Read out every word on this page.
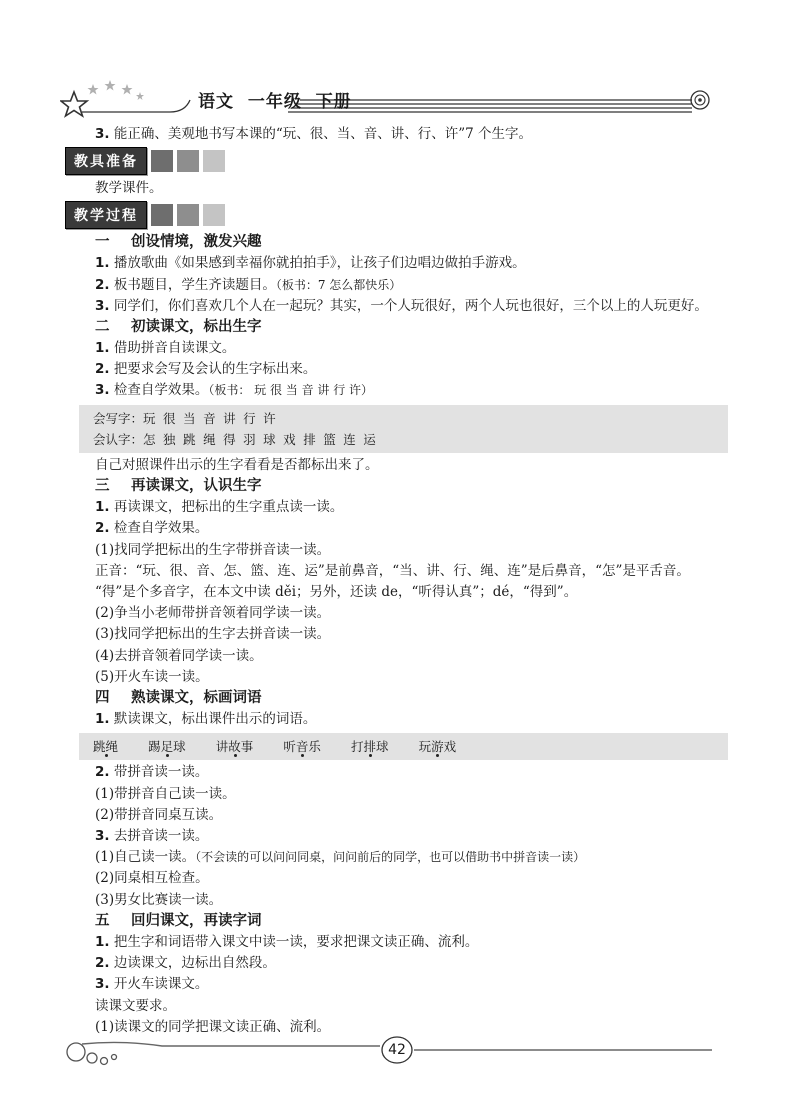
语文  一年级  下册
3. 能正确、美观地书写本课的“玩、很、当、音、讲、行、许”7 个生字。
教具准备
教学课件。
教学过程
一 创设情境，激发兴趣
1. 播放歌曲《如果感到幸福你就拍拍手》，让孩子们边唱边做拍手游戏。
2. 板书题目，学生齐读题目。（板书：7 怎么都快乐）
3. 同学们，你们喜欢几个人在一起玩？其实，一个人玩很好，两个人玩也很好，三个以上的人玩更好。
二 初读课文，标出生字
1. 借助拼音自读课文。
2. 把要求会写及会认的生字标出来。
3. 检查自学效果。（板书： 玩 很 当 音 讲 行 许）
会写字：玩 很 当 音 讲 行 许
会认字：怎 独 跳 绳 得 羽 球 戏 排 篮 连 运
自己对照课件出示的生字看看是否都标出来了。
三 再读课文，认识生字
1. 再读课文，把标出的生字重点读一读。
2. 检查自学效果。
(1)找同学把标出的生字带拼音读一读。
正音：“玩、很、音、怎、篮、连、运”是前鼻音，“当、讲、行、绳、连”是后鼻音，“怎”是平舌音。
“得”是个多音字，在本文中读 děi；另外，还读 de，“听得认真”；dé，“得到”。
(2)争当小老师带拼音领着同学读一读。
(3)找同学把标出的生字去拼音读一读。
(4)去拼音领着同学读一读。
(5)开火车读一读。
四 熟读课文，标画词语
1. 默读课文，标出课件出示的词语。
跳绳 踢足球 讲故事 听音乐 打排球 玩游戏
2. 带拼音读一读。
(1)带拼音自己读一读。
(2)带拼音同桌互读。
3. 去拼音读一读。
(1)自己读一读。（不会读的可以问问同桌，问问前后的同学，也可以借助书中拼音读一读）
(2)同桌相互检查。
(3)男女比赛读一读。
五 回归课文，再读字词
1. 把生字和词语带入课文中读一读，要求把课文读正确、流利。
2. 边读课文，边标出自然段。
3. 开火车读课文。
读课文要求。
(1)读课文的同学把课文读正确、流利。
42
